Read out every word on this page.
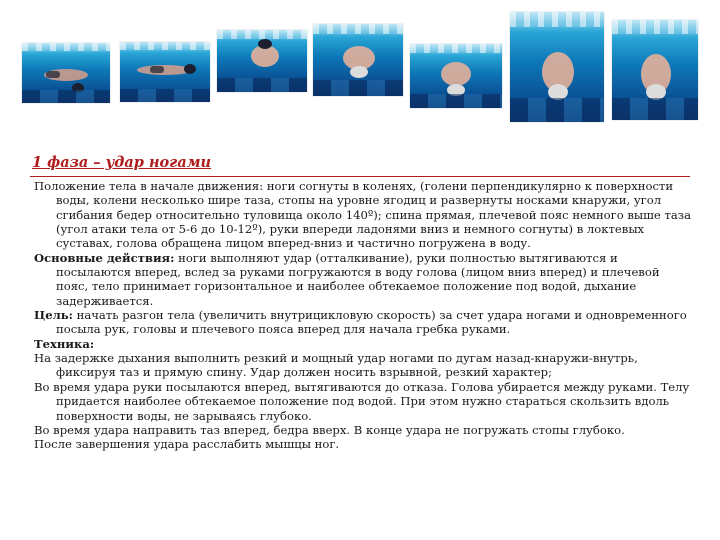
1 фаза – удар ногами

Положение тела в начале движения: ноги согнуты в коленях, (голени перпендикулярно к поверхности воды, колени несколько шире таза, стопы на уровне ягодиц и развернуты носками кнаружи, угол сгибания бедер относительно туловища около 140º); спина прямая, плечевой пояс немного выше таза (угол атаки тела от 5-6 до 10-12º), руки впереди ладонями вниз и немного согнуты) в локтевых суставах, голова обращена лицом вперед-вниз и частично погружена в воду.

Основные действия: ноги выполняют удар (отталкивание), руки полностью вытягиваются и посылаются вперед, вслед за руками погружаются в воду голова (лицом вниз вперед) и плечевой пояс, тело принимает горизонтальное и наиболее обтекаемое положение под водой, дыхание задерживается.

Цель: начать разгон тела (увеличить внутрицикловую скорость) за счет удара ногами и одновременного посыла рук, головы и плечевого пояса вперед для начала гребка руками.

Техника:

На задержке дыхания выполнить резкий и мощный удар ногами по дугам назад-кнаружи-внутрь, фиксируя таз и прямую спину. Удар должен носить взрывной, резкий характер;

Во время удара руки посылаются вперед, вытягиваются до отказа. Голова убирается между руками. Телу придается наиболее обтекаемое положение под водой. При этом нужно стараться скользить вдоль поверхности воды, не зарываясь глубоко.

Во время удара направить таз вперед, бедра вверх. В конце удара не погружать стопы глубоко.

После завершения удара расслабить мышцы ног.
